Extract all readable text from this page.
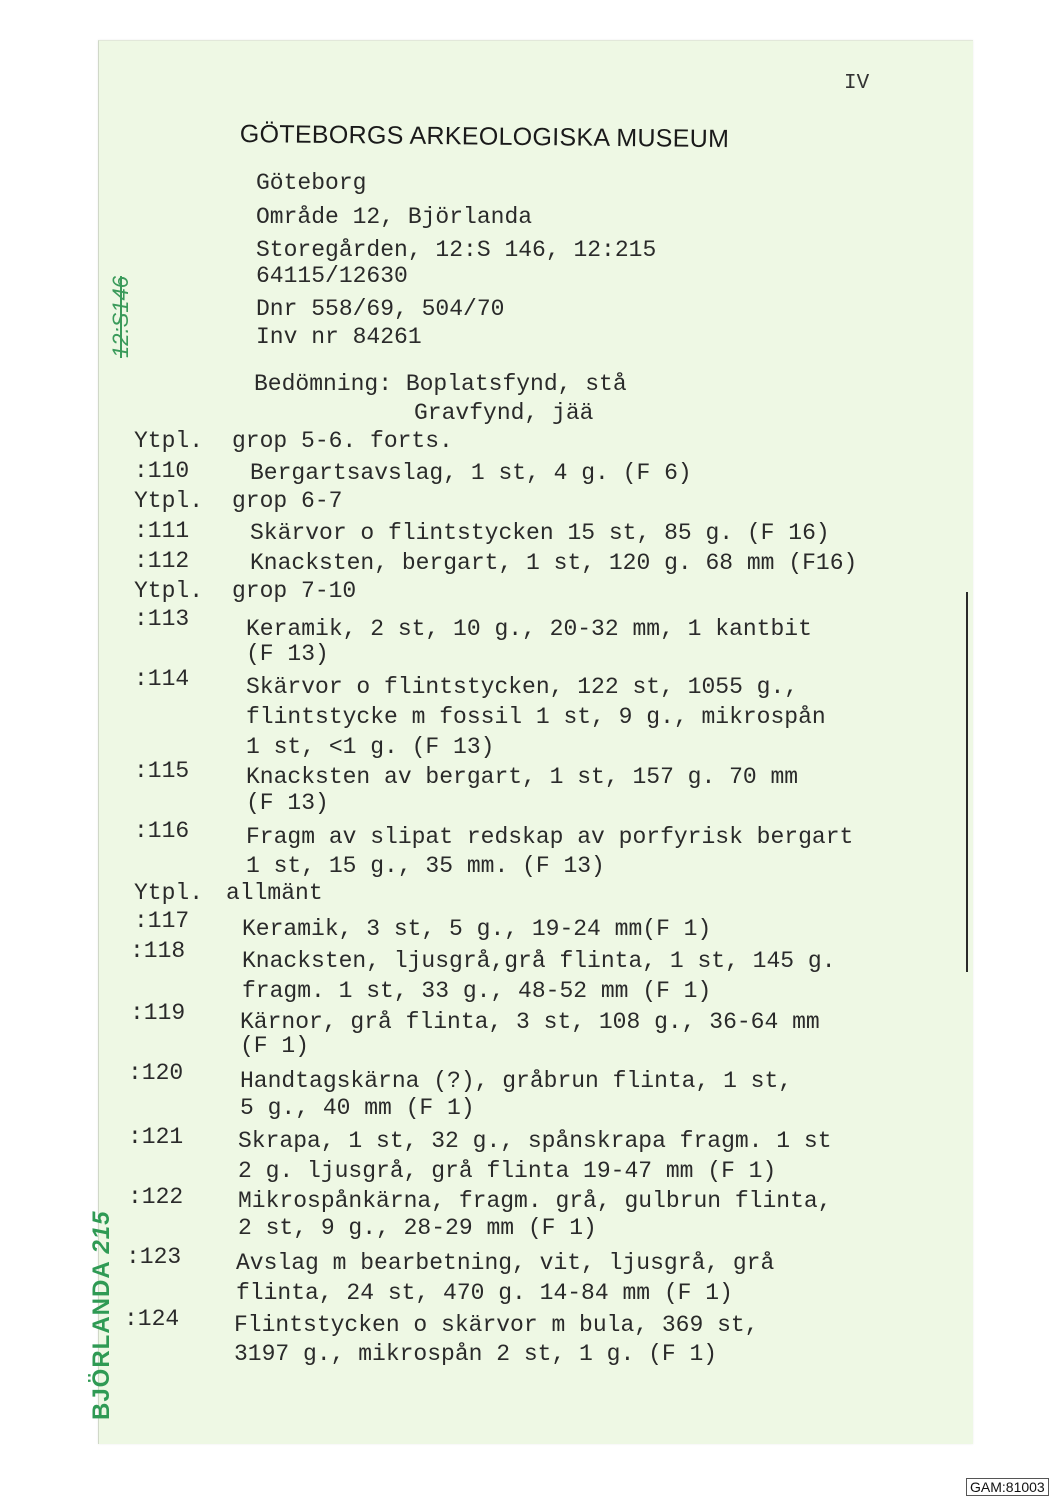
IV
GÖTEBORGS ARKEOLOGISKA MUSEUM
Göteborg
Område 12, Björlanda
Storegården, 12:S 146, 12:215
64115/12630
Dnr 558/69, 504/70
Inv nr 84261
Bedömning: Boplatsfynd, stå
Gravfynd, jää
Ytpl. grop 5-6. forts.
:110	Bergartsavslag, 1 st, 4 g. (F 6)
Ytpl. grop 6-7
:111	Skärvor o flintstycken 15 st, 85 g. (F 16)
:112	Knacksten, bergart, 1 st, 120 g. 68 mm (F16)
Ytpl. grop 7-10
:113 Keramik, 2 st, 10 g., 20-32 mm, 1 kantbit
(F 13)
:114 Skärvor o flintstycken, 122 st, 1055 g.,
flintstycke m fossil 1 st, 9 g., mikrospån
1 st, <1 g. (F 13)
:115 Knacksten av bergart, 1 st, 157 g. 70 mm
(F 13)
:116 Fragm av slipat redskap av porfyrisk bergart
1 st, 15 g., 35 mm. (F 13)
Ytpl. allmänt
:117 Keramik, 3 st, 5 g., 19-24 mm(F 1)
:118 Knacksten, ljusgrå,grå flinta, 1 st, 145 g.
fragm. 1 st, 33 g., 48-52 mm (F 1)
:119 Kärnor, grå flinta, 3 st, 108 g., 36-64 mm
(F 1)
:120 Handtagskärna (?), gråbrun flinta, 1 st,
5 g., 40 mm (F 1)
:121 Skrapa, 1 st, 32 g., spånskrapa fragm. 1 st
2 g. ljusgrå, grå flinta 19-47 mm (F 1)
:122 Mikrospånkärna, fragm. grå, gulbrun flinta,
2 st, 9 g., 28-29 mm (F 1)
:123 Avslag m bearbetning, vit, ljusgrå, grå
flinta, 24 st, 470 g. 14-84 mm (F 1)
:124 Flintstycken o skärvor m bula, 369 st,
3197 g., mikrospån 2 st, 1 g. (F 1)
12:S146
BJÖRLANDA 215
GAM:81003
